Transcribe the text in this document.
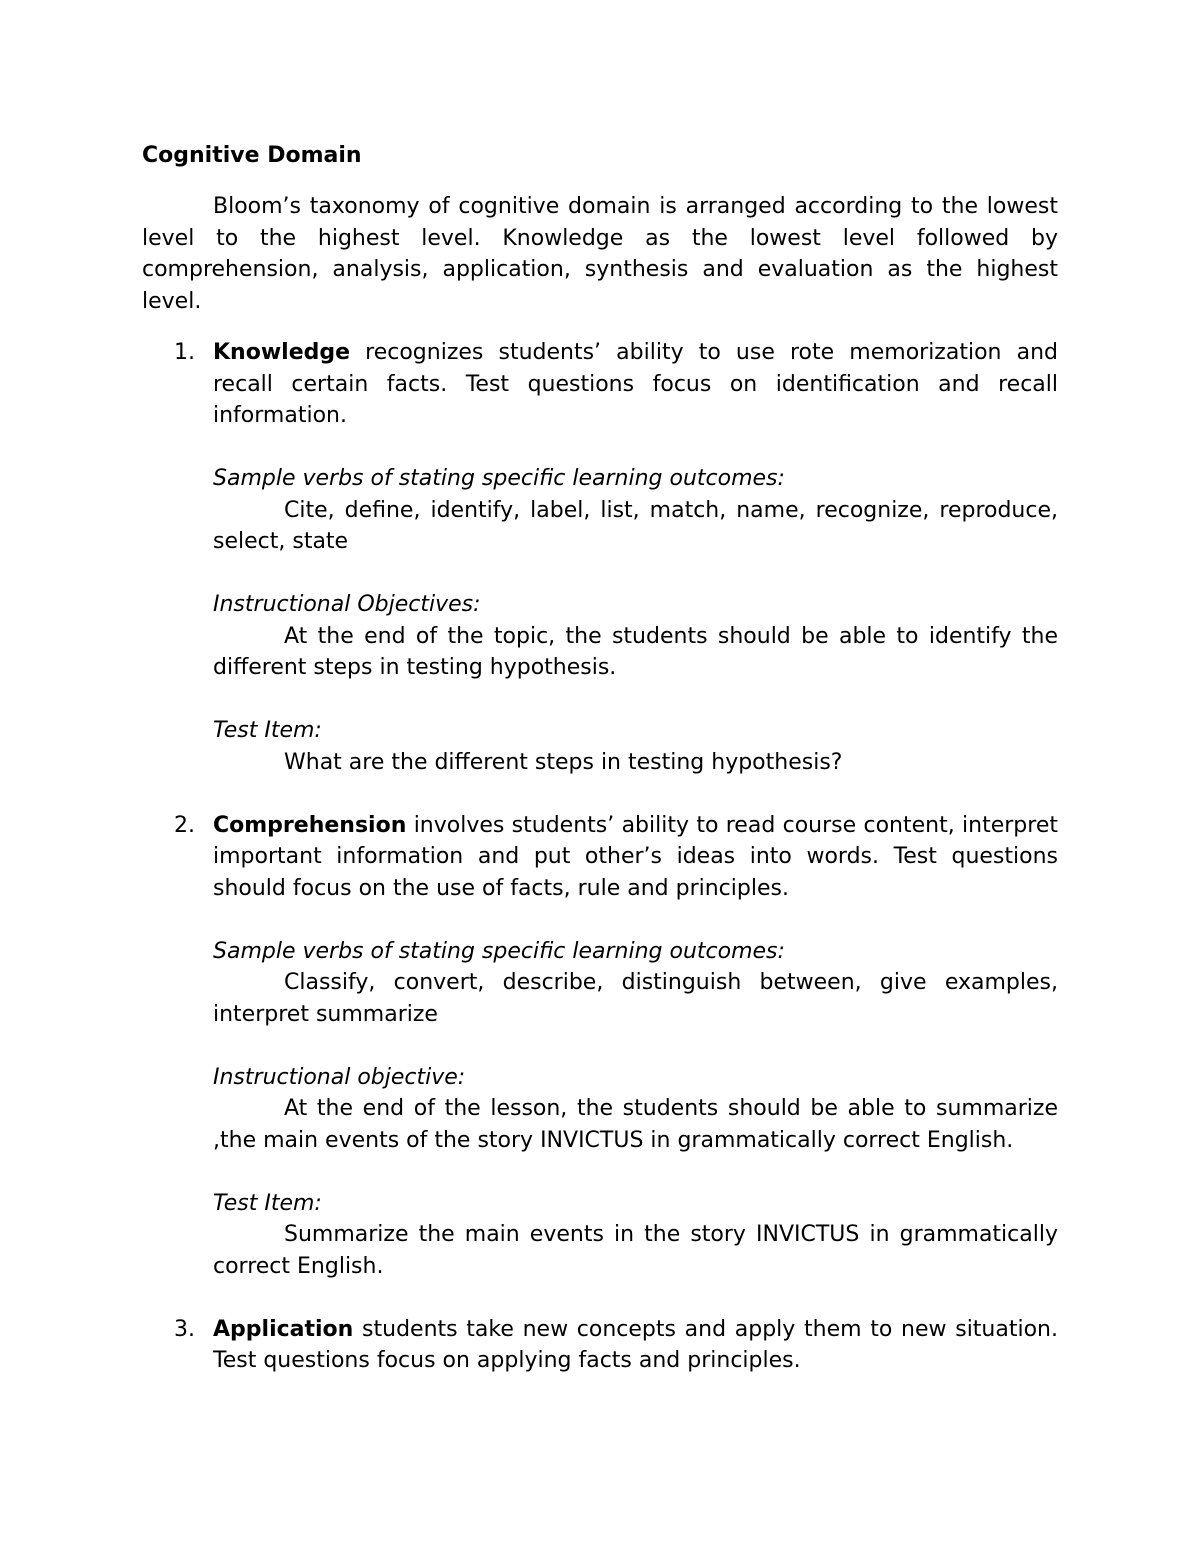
Cognitive Domain

Bloom’s taxonomy of cognitive domain is arranged according to the lowest level to the highest level. Knowledge as the lowest level followed by comprehension, analysis, application, synthesis and evaluation as the highest level.

1. Knowledge recognizes students’ ability to use rote memorization and recall certain facts. Test questions focus on identification and recall information.
Sample verbs of stating specific learning outcomes:
Cite, define, identify, label, list, match, name, recognize, reproduce, select, state
Instructional Objectives:
At the end of the topic, the students should be able to identify the different steps in testing hypothesis.
Test Item:
What are the different steps in testing hypothesis?
2. Comprehension involves students’ ability to read course content, interpret important information and put other’s ideas into words. Test questions should focus on the use of facts, rule and principles.
Sample verbs of stating specific learning outcomes:
Classify, convert, describe, distinguish between, give examples, interpret summarize
Instructional objective:
At the end of the lesson, the students should be able to summarize ,the main events of the story INVICTUS in grammatically correct English.
Test Item:
Summarize the main events in the story INVICTUS in grammatically correct English.
3. Application students take new concepts and apply them to new situation. Test questions focus on applying facts and principles.
